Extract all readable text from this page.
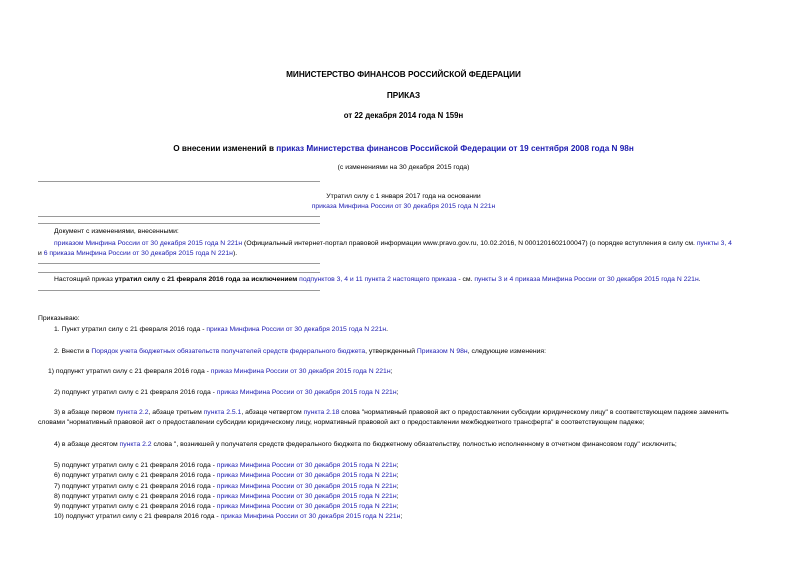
МИНИСТЕРСТВО ФИНАНСОВ РОССИЙСКОЙ ФЕДЕРАЦИИ
ПРИКАЗ
от 22 декабря 2014 года N 159н
О внесении изменений в приказ Министерства финансов Российской Федерации от 19 сентября 2008 года N 98н
(с изменениями на 30 декабря 2015 года)
Утратил силу с 1 января 2017 года на основании
приказа Минфина России от 30 декабря 2015 года N 221н
Документ с изменениями, внесенными:
приказом Минфина России от 30 декабря 2015 года N 221н (Официальный интернет-портал правовой информации www.pravo.gov.ru, 10.02.2016, N 0001201602100047) (о порядке вступления в силу см. пункты 3, 4
и 6 приказа Минфина России от 30 декабря 2015 года N 221н).
Настоящий приказ утратил силу с 21 февраля 2016 года за исключением подпунктов 3, 4 и 11 пункта 2 настоящего приказа - см. пункты 3 и 4 приказа Минфина России от 30 декабря 2015 года N 221н.
Приказываю:
1. Пункт утратил силу с 21 февраля 2016 года - приказ Минфина России от 30 декабря 2015 года N 221н.
2. Внести в Порядок учета бюджетных обязательств получателей средств федерального бюджета, утвержденный Приказом N 98н, следующие изменения:
1) подпункт утратил силу с 21 февраля 2016 года - приказ Минфина России от 30 декабря 2015 года N 221н;
2) подпункт утратил силу с 21 февраля 2016 года - приказ Минфина России от 30 декабря 2015 года N 221н;
3) в абзаце первом пункта 2.2, абзаце третьем пункта 2.5.1, абзаце четвертом пункта 2.18 слова "нормативный правовой акт о предоставлении субсидии юридическому лицу" в соответствующем падеже заменить
словами "нормативный правовой акт о предоставлении субсидии юридическому лицу, нормативный правовой акт о предоставлении межбюджетного трансферта" в соответствующем падеже;
4) в абзаце десятом пункта 2.2 слова ", возникшей у получателя средств федерального бюджета по бюджетному обязательству, полностью исполненному в отчетном финансовом году" исключить;
5) подпункт утратил силу с 21 февраля 2016 года - приказ Минфина России от 30 декабря 2015 года N 221н;
6) подпункт утратил силу с 21 февраля 2016 года - приказ Минфина России от 30 декабря 2015 года N 221н;
7) подпункт утратил силу с 21 февраля 2016 года - приказ Минфина России от 30 декабря 2015 года N 221н;
8) подпункт утратил силу с 21 февраля 2016 года - приказ Минфина России от 30 декабря 2015 года N 221н;
9) подпункт утратил силу с 21 февраля 2016 года - приказ Минфина России от 30 декабря 2015 года N 221н;
10) подпункт утратил силу с 21 февраля 2016 года - приказ Минфина России от 30 декабря 2015 года N 221н;
